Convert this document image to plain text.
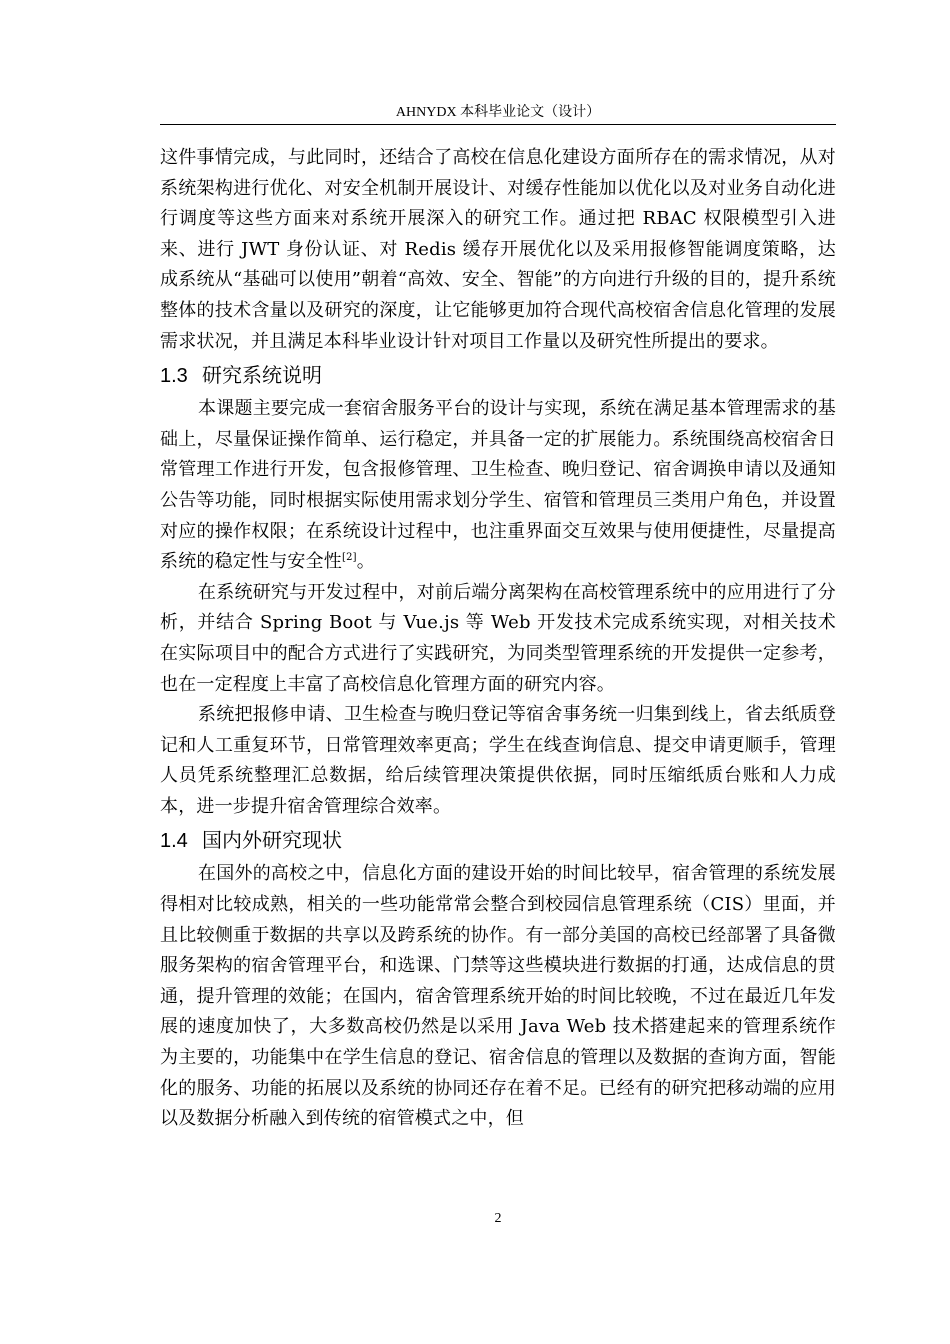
AHNYDX 本科毕业论文（设计）

这件事情完成，与此同时，还结合了高校在信息化建设方面所存在的需求情况，从对系统架构进行优化、对安全机制开展设计、对缓存性能加以优化以及对业务自动化进行调度等这些方面来对系统开展深入的研究工作。通过把 RBAC 权限模型引入进来、进行 JWT 身份认证、对 Redis 缓存开展优化以及采用报修智能调度策略，达成系统从“基础可以使用”朝着“高效、安全、智能”的方向进行升级的目的，提升系统整体的技术含量以及研究的深度，让它能够更加符合现代高校宿舍信息化管理的发展需求状况，并且满足本科毕业设计针对项目工作量以及研究性所提出的要求。

1.3 研究系统说明

本课题主要完成一套宿舍服务平台的设计与实现，系统在满足基本管理需求的基础上，尽量保证操作简单、运行稳定，并具备一定的扩展能力。系统围绕高校宿舍日常管理工作进行开发，包含报修管理、卫生检查、晚归登记、宿舍调换申请以及通知公告等功能，同时根据实际使用需求划分学生、宿管和管理员三类用户角色，并设置对应的操作权限；在系统设计过程中，也注重界面交互效果与使用便捷性，尽量提高系统的稳定性与安全性[2]。

在系统研究与开发过程中，对前后端分离架构在高校管理系统中的应用进行了分析，并结合 Spring Boot 与 Vue.js 等 Web 开发技术完成系统实现，对相关技术在实际项目中的配合方式进行了实践研究，为同类型管理系统的开发提供一定参考，也在一定程度上丰富了高校信息化管理方面的研究内容。

系统把报修申请、卫生检查与晚归登记等宿舍事务统一归集到线上，省去纸质登记和人工重复环节，日常管理效率更高；学生在线查询信息、提交申请更顺手，管理人员凭系统整理汇总数据，给后续管理决策提供依据，同时压缩纸质台账和人力成本，进一步提升宿舍管理综合效率。

1.4 国内外研究现状

在国外的高校之中，信息化方面的建设开始的时间比较早，宿舍管理的系统发展得相对比较成熟，相关的一些功能常常会整合到校园信息管理系统（CIS）里面，并且比较侧重于数据的共享以及跨系统的协作。有一部分美国的高校已经部署了具备微服务架构的宿舍管理平台，和选课、门禁等这些模块进行数据的打通，达成信息的贯通，提升管理的效能；在国内，宿舍管理系统开始的时间比较晚，不过在最近几年发展的速度加快了，大多数高校仍然是以采用 Java Web 技术搭建起来的管理系统作为主要的，功能集中在学生信息的登记、宿舍信息的管理以及数据的查询方面，智能化的服务、功能的拓展以及系统的协同还存在着不足。已经有的研究把移动端的应用以及数据分析融入到传统的宿管模式之中，但

2
